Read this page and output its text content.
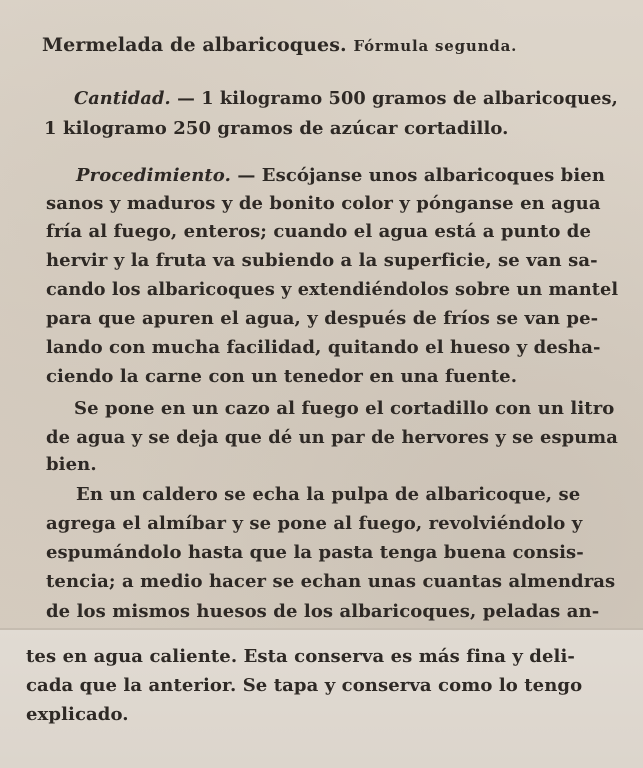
Mermelada de albaricoques. Fórmula segunda.
Cantidad. — 1 kilogramo 500 gramos de albaricoques,
1 kilogramo 250 gramos de azúcar cortadillo.
Procedimiento. — Escójanse unos albaricoques bien
sanos y maduros y de bonito color y pónganse en agua
fría al fuego, enteros; cuando el agua está a punto de
hervir y la fruta va subiendo a la superficie, se van sa-
cando los albaricoques y extendiéndolos sobre un mantel
para que apuren el agua, y después de fríos se van pe-
lando con mucha facilidad, quitando el hueso y desha-
ciendo la carne con un tenedor en una fuente.
Se pone en un cazo al fuego el cortadillo con un litro
de agua y se deja que dé un par de hervores y se espuma
bien.
En un caldero se echa la pulpa de albaricoque, se
agrega el almíbar y se pone al fuego, revolviéndolo y
espumándolo hasta que la pasta tenga buena consis-
tencia; a medio hacer se echan unas cuantas almendras
de los mismos huesos de los albaricoques, peladas an-
tes en agua caliente. Esta conserva es más fina y deli-
cada que la anterior. Se tapa y conserva como lo tengo
explicado.
